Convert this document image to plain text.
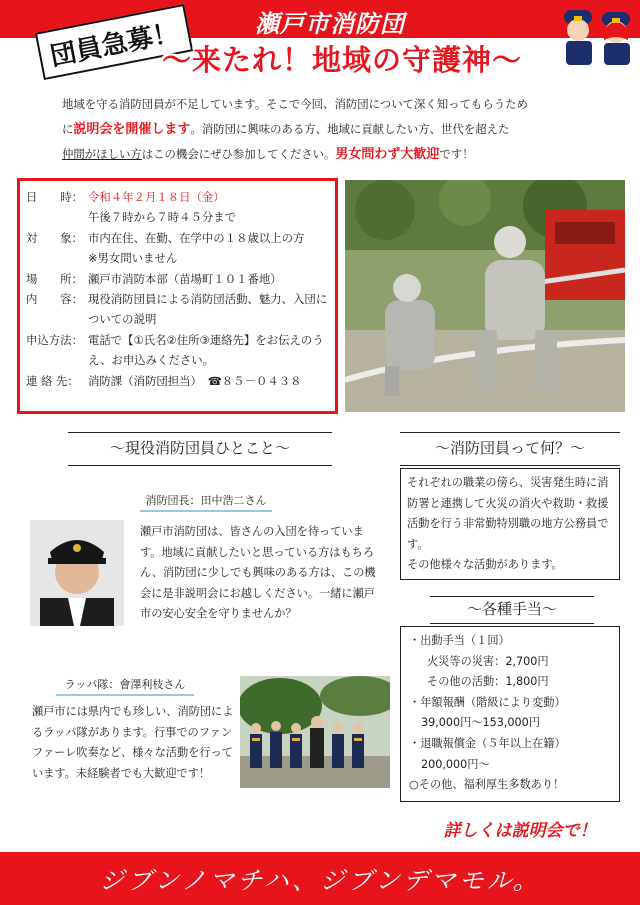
瀬戸市消防団
団員急募！
～来たれ！地域の守護神～
地域を守る消防団員が不足しています。そこで今回、消防団について深く知ってもらうため
に説明会を開催します。消防団に興味のある方、地域に貢献したい方、世代を超えた
仲間がほしい方はこの機会にぜひ参加してください。男女問わず大歓迎です！
日　　時： 令和４年２月１８日（金）
午後７時から７時４５分まで
対　　象： 市内在住、在勤、在学中の１８歳以上の方
※男女問いません
場　　所： 瀬戸市消防本部（苗場町１０１番地）
内　　容： 現役消防団員による消防団活動、魅力、入団についての説明
申込方法： 電話で【①氏名②住所③連絡先】をお伝えのうえ、お申込みください。
連 絡 先： 消防課（消防団担当）　☎８５－０４３８
～現役消防団員ひとこと～	～消防団員って何？～
それぞれの職業の傍ら、災害発生時に消防署と連携して火災の消火や救助・救援活動を行う非常勤特別職の地方公務員です。
その他様々な活動があります。
消防団長：田中浩二さん
瀬戸市消防団は、皆さんの入団を待っています。地域に貢献したいと思っている方はもちろん、消防団に少しでも興味のある方は、この機会に是非説明会にお越しください。一緒に瀬戸市の安心安全を守りませんか？	～各種手当～
・出動手当（１回）
火災等の災害：2,700円
その他の活動：1,800円
・年額報酬（階級により変動）
39,000円～153,000円
・退職報償金（５年以上在籍）
200,000円～
○その他、福利厚生多数あり！
ラッパ隊：會澤利枝さん
瀬戸市には県内でも珍しい、消防団によるラッパ隊があります。行事でのファンファーレ吹奏など、様々な活動を行っています。未経験者でも大歓迎です！
詳しくは説明会で！
ジブンノマチハ、ジブンデマモル。
